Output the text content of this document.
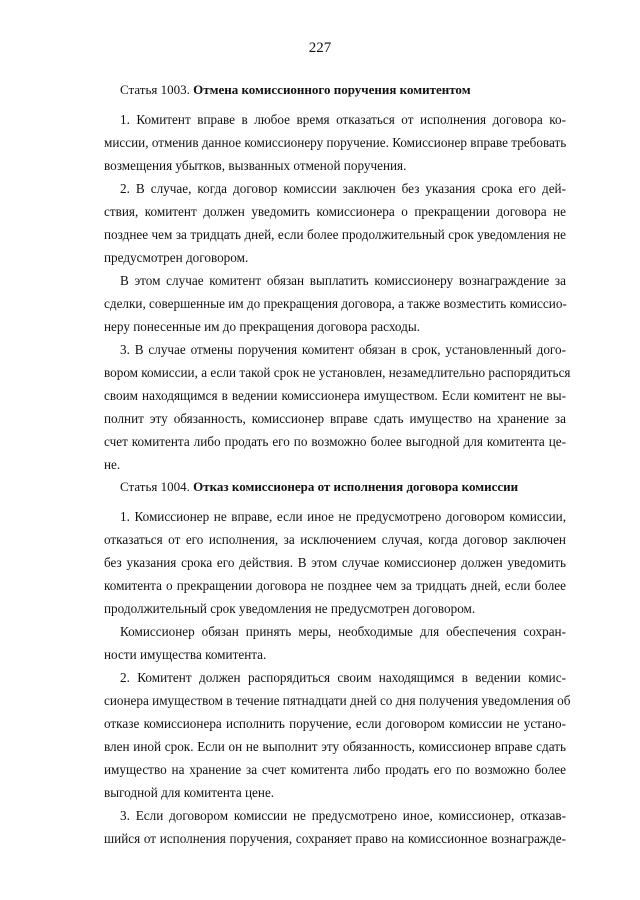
227
Статья 1003. Отмена комиссионного поручения комитентом
1. Комитент вправе в любое время отказаться от исполнения договора ко-
миссии, отменив данное комиссионеру поручение. Комиссионер вправе требовать
возмещения убытков, вызванных отменой поручения.
2. В случае, когда договор комиссии заключен без указания срока его дей-
ствия, комитент должен уведомить комиссионера о прекращении договора не
позднее чем за тридцать дней, если более продолжительный срок уведомления не
предусмотрен договором.
В этом случае комитент обязан выплатить комиссионеру вознаграждение за
сделки, совершенные им до прекращения договора, а также возместить комиссио-
неру понесенные им до прекращения договора расходы.
3. В случае отмены поручения комитент обязан в срок, установленный дого-
вором комиссии, а если такой срок не установлен, незамедлительно распорядиться
своим находящимся в ведении комиссионера имуществом. Если комитент не вы-
полнит эту обязанность, комиссионер вправе сдать имущество на хранение за
счет комитента либо продать его по возможно более выгодной для комитента це-
не.
Статья 1004. Отказ комиссионера от исполнения договора комиссии
1. Комиссионер не вправе, если иное не предусмотрено договором комиссии,
отказаться от его исполнения, за исключением случая, когда договор заключен
без указания срока его действия. В этом случае комиссионер должен уведомить
комитента о прекращении договора не позднее чем за тридцать дней, если более
продолжительный срок уведомления не предусмотрен договором.
Комиссионер обязан принять меры, необходимые для обеспечения сохран-
ности имущества комитента.
2. Комитент должен распорядиться своим находящимся в ведении комис-
сионера имуществом в течение пятнадцати дней со дня получения уведомления об
отказе комиссионера исполнить поручение, если договором комиссии не устано-
влен иной срок. Если он не выполнит эту обязанность, комиссионер вправе сдать
имущество на хранение за счет комитента либо продать его по возможно более
выгодной для комитента цене.
3. Если договором комиссии не предусмотрено иное, комиссионер, отказав-
шийся от исполнения поручения, сохраняет право на комиссионное вознагражде-
